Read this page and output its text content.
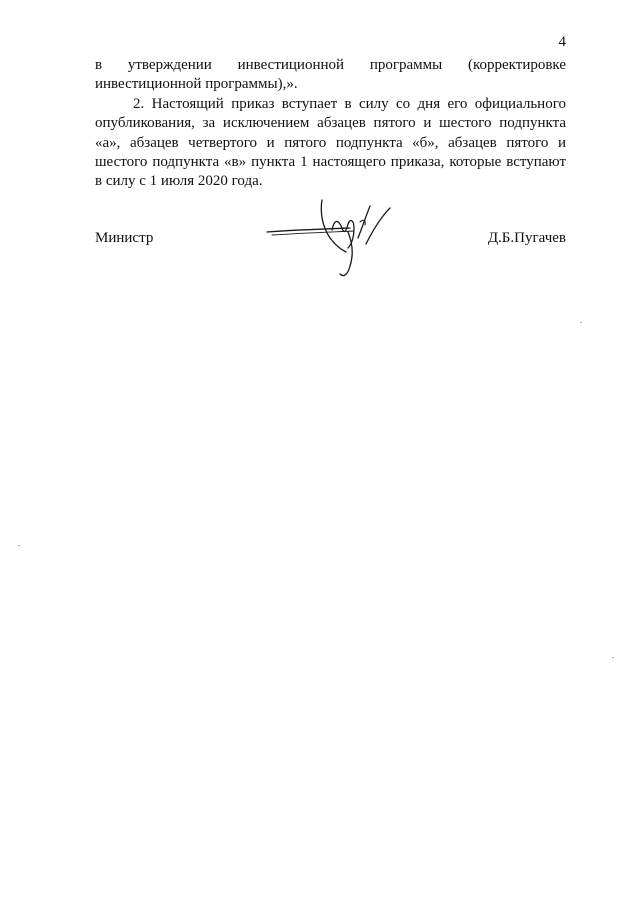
4

в утверждении инвестиционной программы (корректировке инвестиционной программы),».

2. Настоящий приказ вступает в силу со дня его официального опубликования, за исключением абзацев пятого и шестого подпункта «а», абзацев четвертого и пятого подпункта «б», абзацев пятого и шестого подпункта «в» пункта 1 настоящего приказа, которые вступают в силу с 1 июля 2020 года.

Министр	Д.Б.Пугачев
